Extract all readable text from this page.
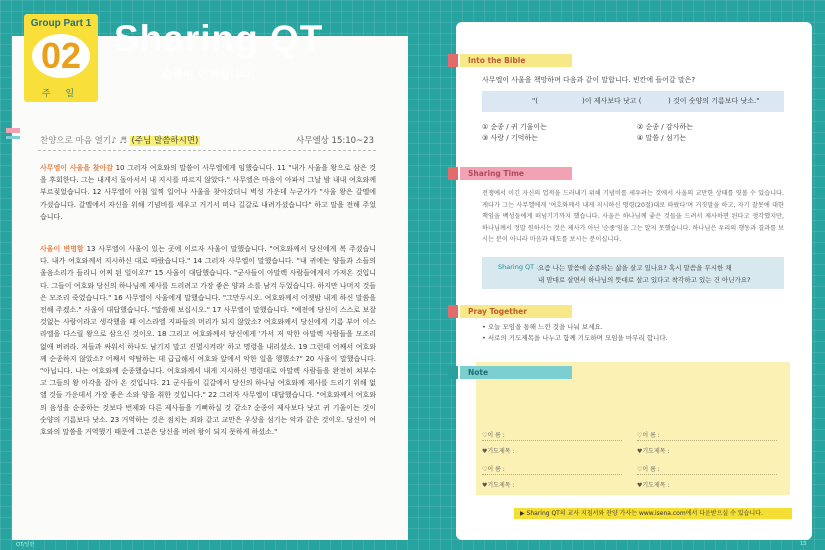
Group Part 1
02
주 일
Sharing QT
순종이 먼저입니다
찬양으로 마음 열기♪ ♬ (주님 말씀하시면)	사무엘상 15:10~23
사무엘이 사울을 찾아감 10 그러자 여호와의 말씀이 사무엘에게 임했습니다. 11 "내가 사울을 왕으로 삼은 것을 후회한다. 그는 내게서 돌아서서 내 지시를 따르지 않았다." 사무엘은 마음이 아파서 그날 밤 내내 여호와께 부르짖었습니다. 12 사무엘이 아침 일찍 일어나 사울을 찾아갔더니 벽성 가운데 누군가가 "사울 왕은 갈멜에 가셨습니다. 갈멜에서 자신을 위해 기념비를 세우고 거기서 떠나 길갈로 내려가셨습니다" 하고 말을 전해 주었습니다.
사울이 변명함 13 사무엘이 사울이 있는 곳에 이르자 사울이 말했습니다. "여호와께서 당신에게 복 주셨습니다. 내가 여호와께서 지시하신 대로 따랐습니다." 14 그러자 사무엘이 말했습니다. "내 귀에는 양들과 소들의 울음소리가 들리니 어찌 된 일이오?" 15 사울이 대답했습니다. "군사들이 아말렉 사람들에게서 가져온 것입니다. 그들이 여호와 당신의 하나님께 제사를 드리려고 가장 좋은 양과 소를 남겨 두었습니다. 하지만 나머지 것들은 모조리 죽였습니다." 16 사무엘이 사울에게 말했습니다. "그만두시오. 여호와께서 어젯밤 내게 하신 말씀을 전해 주겠소." 사울이 대답했습니다. "말씀해 보십시오." 17 사무엘이 말했습니다. "예전에 당신이 스스로 보잘것없는 사람이라고 생각했을 때 이스라엘 지파들의 머리가 되지 않았소? 여호와께서 당신에게 기름 부어 이스라엘을 다스릴 왕으로 삼으신 것이오. 18 그리고 여호와께서 당신에게 '가서 저 악한 아말렉 사람들을 모조리 없애 버려라. 저들과 싸워서 하나도 남기지 말고 진멸시켜라' 하고 명령을 내리셨소. 19 그런데 어째서 여호와께 순종하지 않았소? 어째서 약탈하는 데 급급해서 여호와 앞에서 악한 일을 행했소?" 20 사울이 말했습니다. "아닙니다. 나는 여호와께 순종했습니다. 여호와께서 내게 지시하신 명령대로 아말렉 사람들을 완전히 쳐부수고 그들의 왕 아각을 잡아 온 것입니다. 21 군사들이 길갈에서 당신의 하나님 여호와께 제사를 드리기 위해 없앨 것들 가운데서 가장 좋은 소와 양을 취한 것입니다." 22 그러자 사무엘이 대답했습니다. "여호와께서 여호와의 음성을 순종하는 것보다 번제와 다른 제사들을 기뻐하실 것 같소? 순종이 제사보다 낫고 귀 기울이는 것이 숫양의 기름보다 낫소. 23 거역하는 것은 점치는 죄와 같고 교만은 우상을 섬기는 악과 같은 것이오. 당신이 여호와의 말씀을 거역했기 때문에 그분은 당신을 버려 왕이 되지 못하게 하셨소."
QT/일반
Into the Bible
사무엘이 사울을 책망하며 다음과 같이 말합니다. 빈칸에 들어갈 말은?
"(	)이 제사보다 낫고 (	) 것이 숫양의 기름보다 낫소."
① 순종 / 귀 기울이는	② 순종 / 감사하는
③ 사랑 / 기억하는	④ 말씀 / 섬기는
Sharing Time
전쟁에서 이긴 자신의 업적을 드러내기 위해 기념비를 세우려는 것에서 사울의 교만한 상태를 엿볼 수 있습니다. 게다가 그는 사무엘에게 '여호와께서 내게 지시하신 명령(20절)대로 따랐다'며 거짓말을 하고, 자기 잘못에 대한 책임을 백성들에게 떠넘기기까지 했습니다. 사울은 하나님께 좋은 것들을 드려서 제사하면 된다고 생각했지만, 하나님께서 정말 원하시는 것은 제사가 아닌 '순종'임을 그는 알지 못했습니다. 하나님은 우리의 행동과 결과를 보시는 분이 아니라 마음과 태도를 보시는 분이십니다.
Sharing QT : 요즘 나는 말씀에 순종하는 삶을 살고 있나요? 혹시 말씀을 무시한 채
내 맘대로 살면서 하나님의 뜻대로 살고 있다고 착각하고 있는 건 아닌가요?
Pray Together
• 오늘 모임을 통해 느낀 것을 나눠 보세요.
• 서로의 기도제목을 나누고 함께 기도하며 모임을 마무리 합니다.
Note
♡이 름 :
♥기도제목 :
♡이 름 :
♥기도제목 :
♡이 름 :
♥기도제목 :
♡이 름 :
♥기도제목 :
▶ Sharing QT의 교사 지침서와 찬양 가사는 www.isena.com에서 다운받으실 수 있습니다.
13
